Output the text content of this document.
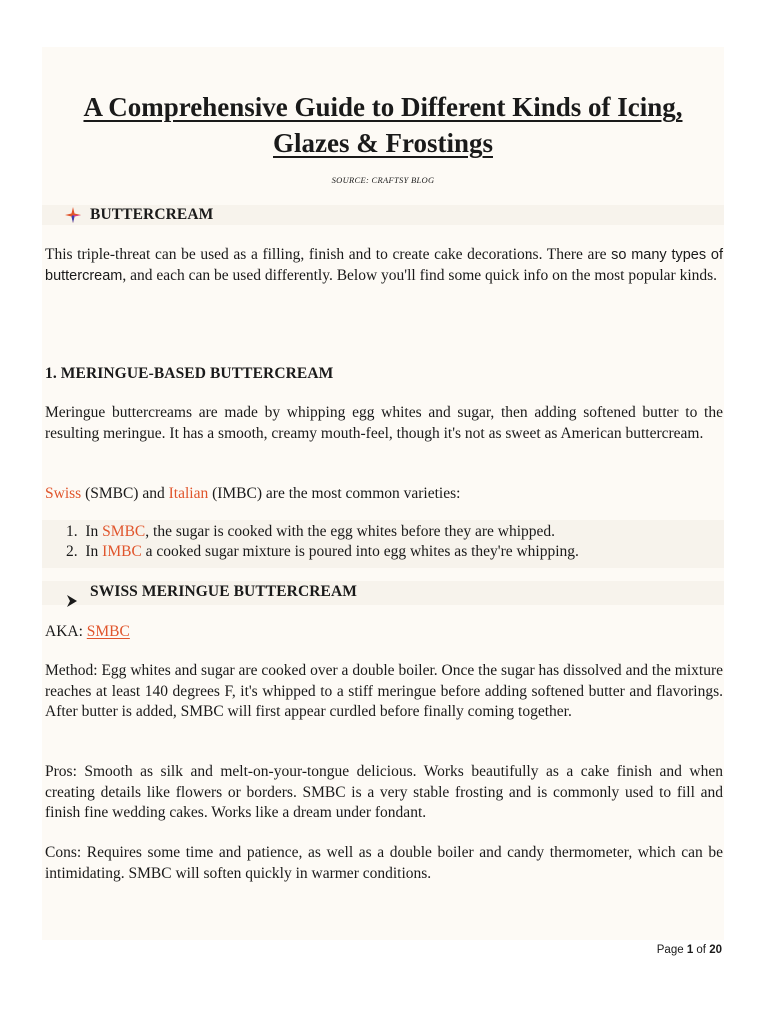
A Comprehensive Guide to Different Kinds of Icing,
Glazes & Frostings
SOURCE: CRAFTSY BLOG
BUTTERCREAM
This triple-threat can be used as a filling, finish and to create cake decorations. There are so many types of buttercream, and each can be used differently. Below you'll find some quick info on the most popular kinds.
1. MERINGUE-BASED BUTTERCREAM
Meringue buttercreams are made by whipping egg whites and sugar, then adding softened butter to the resulting meringue. It has a smooth, creamy mouth-feel, though it's not as sweet as American buttercream.
Swiss (SMBC) and Italian (IMBC) are the most common varieties:
1. In SMBC, the sugar is cooked with the egg whites before they are whipped.
2. In IMBC a cooked sugar mixture is poured into egg whites as they're whipping.
SWISS MERINGUE BUTTERCREAM
AKA: SMBC
Method: Egg whites and sugar are cooked over a double boiler. Once the sugar has dissolved and the mixture reaches at least 140 degrees F, it's whipped to a stiff meringue before adding softened butter and flavorings. After butter is added, SMBC will first appear curdled before finally coming together.
Pros: Smooth as silk and melt-on-your-tongue delicious. Works beautifully as a cake finish and when creating details like flowers or borders. SMBC is a very stable frosting and is commonly used to fill and finish fine wedding cakes. Works like a dream under fondant.
Cons: Requires some time and patience, as well as a double boiler and candy thermometer, which can be intimidating. SMBC will soften quickly in warmer conditions.
Page 1 of 20
